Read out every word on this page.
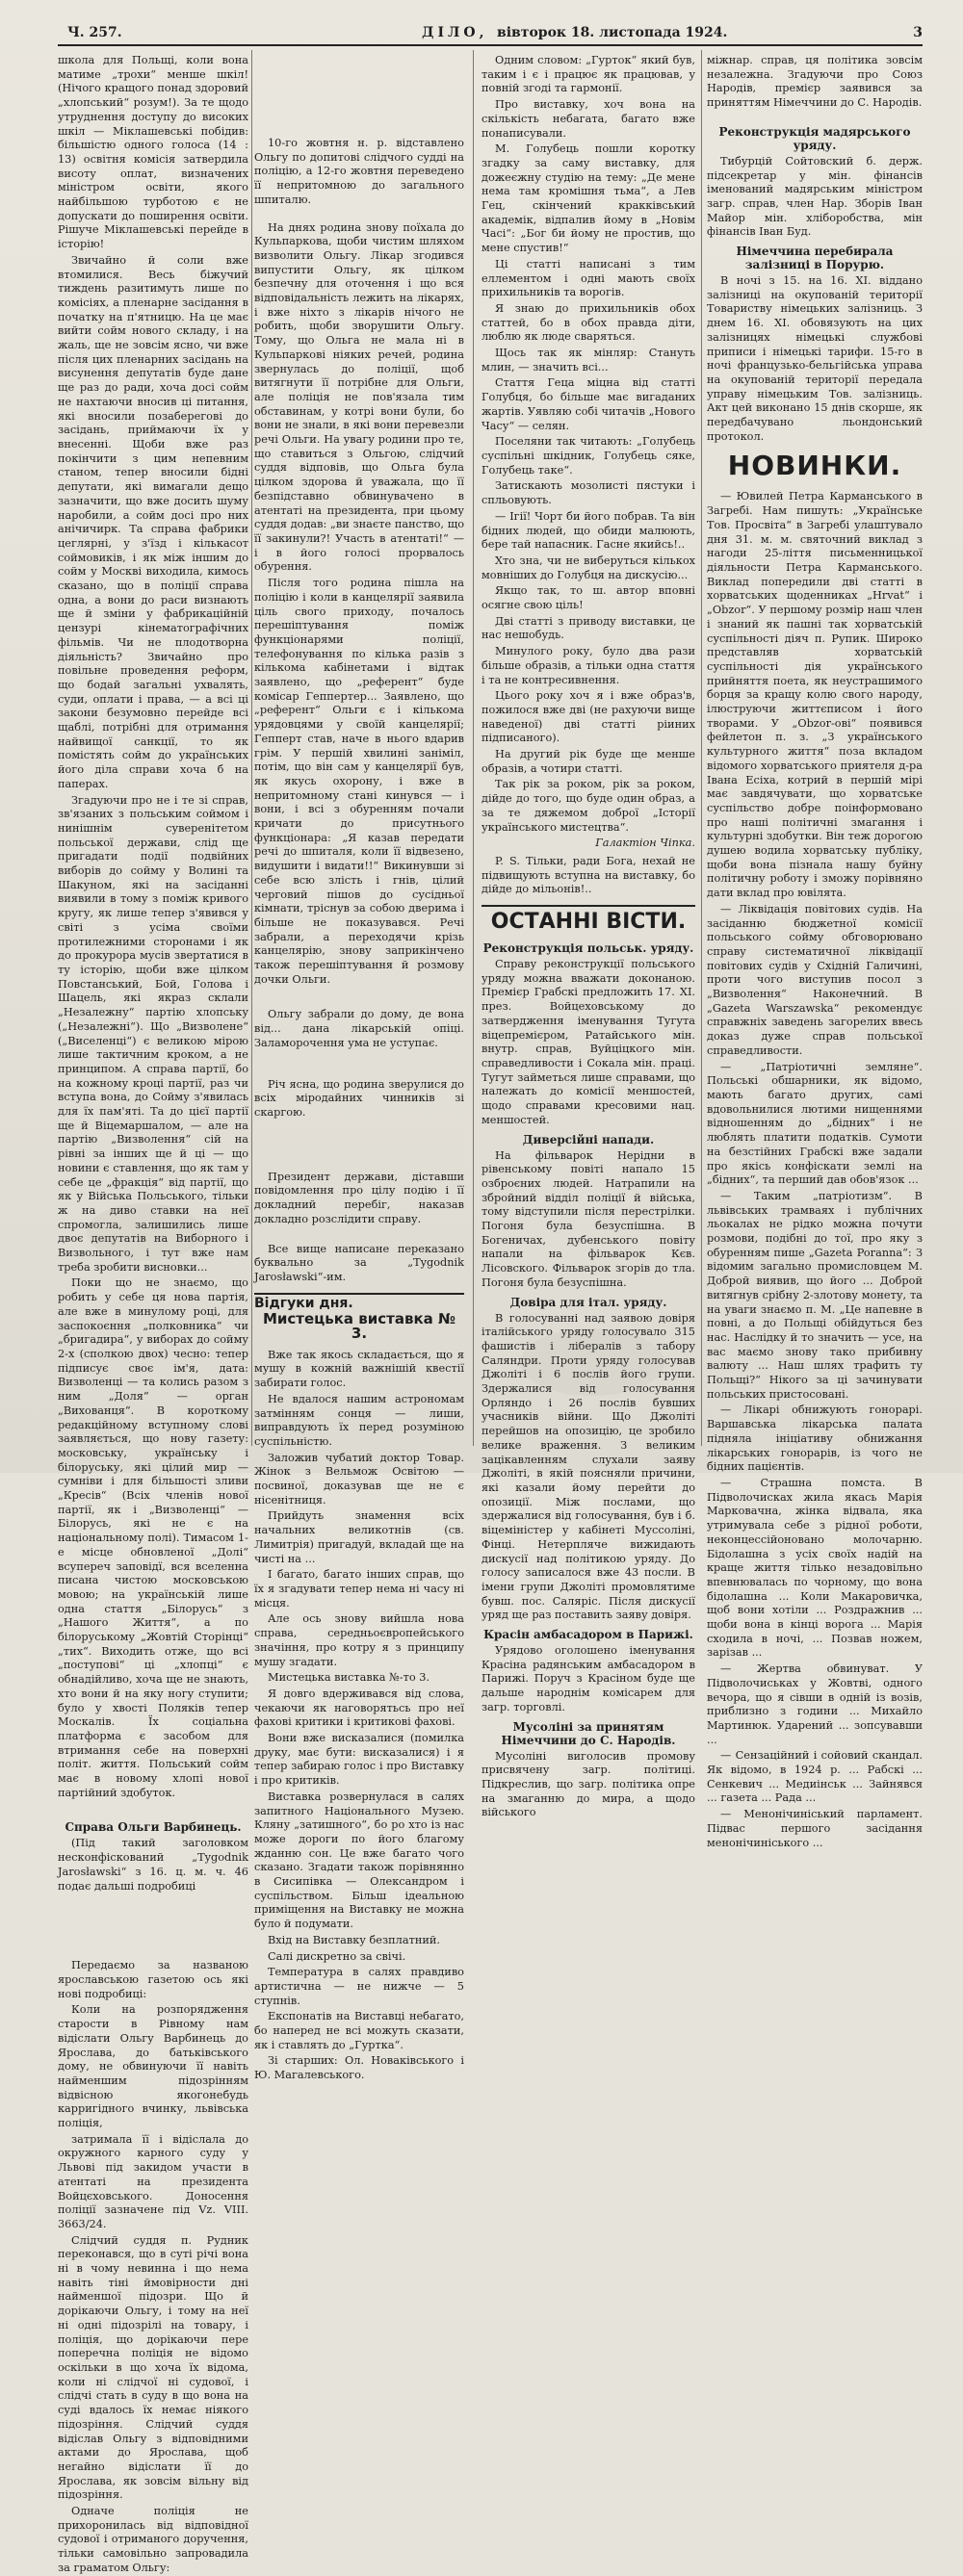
Ч. 257.	ДІЛО, вівторок 18. листопада 1924.	3

школа для Польщі, коли вона матиме „трохи“ менше шкіл! (Нічого кращого понад здоровий „хлопський“ розум!). За те щодо утруднення доступу до високих шкіл — Міклашевські побідив: більшістю одного голоса (14 : 13) освітня комісія затвердила висоту оплат, визначених міністром освіти, якого найбільшою турботою є не допускати до поширення освіти. Рішуче Міклашевські перейде в історію!

Звичайно й соли вже втомилися. Весь біжучий тиждень разитимуть лише по комісіях, а пленарне засідання в початку на п'ятницю. На це має вийти сойм нового складу, і на жаль, ще не зовсім ясно, чи вже після цих пленарних засідань на висунення депутатів буде дане ще раз до ради, хоча досі сойм не нахтаючи вносив ці питання, які вносили позаберегові до засідань, приймаючи їх у внесенні. Щоби вже раз покінчити з цим непевним станом, тепер вносили бідні депутати, які вимагали дещо зазначити, що вже досить шуму наробили, а сойм досі про них анічичирк. Та справа фабрики цеглярні, у з'їзд і кількасот соймовиків, і як між іншим до сойм у Москві виходила, кимось сказано, що в поліції справа одна, а вони до раси визнають ще й зміни у фабрикаційній цензурі кінематографічних фільмів. Чи не плодотворна діяльність? Звичайно про повільне проведення реформ, що бодай загальні ухвалять, суди, оплати і права, — а всі ці закони безумовно перейде всі щаблі, потрібні для отримання найвищої санкції, то як помістять сойм до українських його діла справи хоча б на паперах.

Згадуючи про не і те зі справ, зв'язаних з польським соймом і нинішнім суверенітетом польської держави, слід ще пригадати події подвійних виборів до сойму у Волині та Шакуном, які на засіданні виявили в тому з поміж кривого кругу, як лише тепер з'явився у світі з усіма своїми протилежними сторонами і як до прокурора мусів звертатися в ту історію, щоби вже цілком Повстанський, Бой, Голова і Шацель, які якраз склали „Незалежну“ партію хлопську („Незалежні“). Що „Визволене“ („Виселенці“) є великою мірою лише тактичним кроком, а не принципом. А справа партії, бо на кожному кроці партії, раз чи вступа вона, до Сойму з'явилась для їх пам'яті. Та до цієї партії ще й Віцемаршалом, — але на партію „Визволення“ сій на рівні за інших ще й ці — що новини є ставлення, що як там у себе це „фракція“ від партії, що як у Війська Польського, тільки ж на диво ставки на неї спромогла, залишились лише двоє депутатів на Виборного і Визвольного, і тут вже нам треба зробити висновки...

Поки що не знаємо, що робить у себе ця нова партія, але вже в минулому році, для заспокоєння „полковника“ чи „бригадира“, у виборах до сойму 2-х (сполкою двох) чесно: тепер підписує своє ім'я, дата: Визволенці — та колись разом з ним „Доля“ — орган „Вихованця“. В короткому редакційному вступному слові заявляється, що нову газету: московську, українську і білоруську, які цілий мир — сумніви і для більшості зливи „Кресів“ (Всіх членів нової партії, як і „Визволенці“ — Білорусь, які не є на національному полі). Тимасом 1-е місце обновленої „Долі“ всупереч заповідї, вся вселенна писана чистою московською мовою; на українській лише одна стаття „Білорусь“ з „Нашого Життя“, а по білоруському „Жовтій Сторінці“ „тих“. Виходить отже, що всі „поступові“ ці „хлопці“ є обнадійливо, хоча ще не знають, хто вони й на яку ногу ступити; було у хвості Поляків тепер Москалів. Їх соціальна платформа є засобом для втримання себе на поверхні політ. життя. Польський сойм має в новому хлопі нової партійний здобуток.

Справа Ольги Варбинець.

(Під такий заголовком несконфіскований „Tygodnik Jarosławski“ з 16. ц. м. ч. 46 подає дальші подробиці

Передаємо за названою ярославською газетою ось які нові подробиці:

Коли на розпорядження старости в Рівному нам відіслати Ольгу Варбинець до Ярослава, до батьківського дому, не обвинуючи її навіть найменшим підозрінням відвісною якогонебудь карригідного вчинку, львівська поліція,

затримала її і відіслала до окружного карного суду у Львові під закидом участи в атентаті на президента Войцєховського. Доносення поліції зазначене під Vz. VIII. 3663/24.

Слідчий суддя п. Рудник переконався, що в суті річі вона ні в чому невинна і що нема навіть тіні ймовірности дні найменшої підозри. Що й дорікаючи Ольгу, і тому на неї ні одні підозрілі на товару, і поліція, що дорікаючи пере поперечна поліція не відомо оскільки в що хоча їх відома, коли ні слідчої ні судової, і слідчі стать в суду в що вона на суді вдалось їх немає ніякого підозріння. Слідчий суддя відіслав Ольгу з відповідними актами до Ярослава, щоб негайно відіслати її до Ярослава, як зовсім вільну від підозріння.

Одначе поліція не прихоронилась від відповідної судової і отриманого доручення, тільки самовільно запровадила за граматом Ольгу:

10-го жовтня н. р. відставлено Ольгу по допитові слідчого судді на поліцію, а 12-го жовтня переведено її непритомною до загального шпиталю.

На днях родина знову поїхала до Кульпаркова, щоби чистим шляхом визволити Ольгу. Лікар згодився випустити Ольгу, як цілком безпечну для оточення і що вся відповідальність лежить на лікарях, і вже ніхто з лікарів нічого не робить, щоби зворушити Ольгу. Тому, що Ольга не мала ні в Кульпаркові ніяких речей, родина звернулась до поліції, щоб витягнути її потрібне для Ольги, але поліція не пов'язала тим обставинам, у котрі вони були, бо вони не знали, в які вони перевезли речі Ольги. На увагу родини про те, що ставиться з Ольгою, слідчий суддя відповів, що Ольга була цілком здорова й уважала, що її безпідставно обвинувачено в атентаті на президента, при цьому суддя додав: „ви знаєте панство, що її закинули?! Участь в атентаті!“ — і в його голосі прорвалось обурення.

Після того родина пішла на поліцію і коли в канцелярії заявила ціль свого приходу, почалось перешіптування поміж функціонарями поліції, телефонування по кілька разів з кількома кабінетами і відтак заявлено, що „референт“ буде комісар Геппертер... Заявлено, що „референт“ Ольги є і кількома урядовцями у своїй канцелярії; Гепперт став, наче в нього вдарив грім. У першій хвилині заніміл, потім, що він сам у канцелярії був, як якусь охорону, і вже в непритомному стані кинувся — і вони, і всі з обуренням почали кричати до присутнього функціонара: „Я казав передати речі до шпиталя, коли її відвезено, видушити і видати!!“ Викинувши зі себе всю злість і гнів, цілий черговий пішов до сусідньої кімнати, тріснув за собою дверима і більше не показувався. Речі забрали, а переходячи крізь канцелярію, знову заприкінчено також перешіптування й розмову дочки Ольги.

Ольгу забрали до дому, де вона від... дана лікарській опіці. Заламорочення ума не уступає.

Річ ясна, що родина зверулися до всіх міродайних чинників зі скаргою.

Президент держави, діставши повідомлення про цілу подію і її докладний перебіг, наказав докладно розслідити справу.

Все вище написане переказано буквально за „Tygodnik Jarosławski“-им.

Відгуки дня.
Мистецька виставка № 3.

Вже так якось складається, що я мушу в кожній важнішій квестії забирати голос.

Не вдалося нашим астрономам затмінням сонця — лиши, виправдують їх перед розуміною суспільністю.

Заложив чубатий доктор Товар. Жінок з Вельмож Освітою — посвиної, доказував ще не є нісенітниця.

Прийдуть знамення всіх начальних великотнів (св. Лимитрія) пригадуй, вкладай ще на чисті на ...

І багато, багато інших справ, що їх я згадувати тепер нема ні часу ні місця.

Але ось знову вийшла нова справа, середньоєвропейського значіння, про котру я з принципу мушу згадати.

Мистецька виставка №-то 3.

Я довго вдерживався від слова, чекаючи як наговорятьсь про неї фахові критики і критикові фахові.

Вони вже висказалися (помилка друку, має бути: висказалися) і я тепер забираю голос і про Виставку і про критиків.

Виставка розвернулася в салях запитного Національного Музею. Кляну „затишного“, бо ро хто із нас може дороги по його благому жданню сон. Це вже багато чого сказано. Згадати також порівнянно в Сисипівка — Олександром і суспільством. Більш ідеальною приміщення на Виставку не можна було й подумати.

Вхід на Виставку безплатний.

Салі дискретно за свічі.

Температура в салях правдиво артистична — не нижче — 5 ступнів.

Експонатів на Виставці небагато, бо наперед не всі можуть сказати, як і ставлять до „Гуртка“.

Зі старших: Ол. Новаківського і Ю. Магалевського.

Одним словом: „Гурток“ який був, таким і є і працює як працював, у повній згоді та гармонії.

Про виставку, хоч вона на скількість небагата, багато вже понаписували.

М. Голубець пошли коротку згадку за саму виставку, для дожеєжну студію на тему: „Де мене нема там кромішня тьма“, а Лев Гец, скінчений кракківський академік, відпалив йому в „Новім Часі“: „Бог би йому не простив, що мене спустив!“

Ці статті написані з тим еллементом і одні мають своїх прихильників та ворогів.

Я знаю до прихильників обох статтей, бо в обох правда діти, люблю як люде сваряться.

Щось так як мінляр: Стануть млин, — значить всі...

Стаття Геца міцна від статті Голубця, бо більше має вигаданих жартів. Уявляю собі читачів „Нового Часу“ — селян.

Поселяни так читають: „Голубець суспільні шкідник, Голубець сяке, Голубець таке“.

Затискають мозолисті пястуки і спльовують.

— Ігії! Чорт би його побрав. Та він бідних людей, що обиди малюють, бере тай напасник. Гасне якийсь!..

Хто зна, чи не виберуться кількох мовніших до Голубця на дискусію...

Якщо так, то ш. автор вповні осягне свою ціль!

Дві статті з приводу виставки, це нас нешобудь.

Минулого року, було два рази більше образів, а тільки одна стаття і та не контресивнення.

Цього року хоч я і вже образ'в, пожилося вже дві (не рахуючи вище наведеної) дві статті ріиних підписаного).

На другий рік буде ще менше образів, а чотири статті.

Так рік за роком, рік за роком, дійде до того, що буде один образ, а за те дяжемом доброї „Історії українського мистецтва“.

Галактіон Чіпка.

P. S. Тільки, ради Бога, нехай не підвищують вступна на виставку, бо дійде до мільонів!..

ОСТАННІ ВІСТИ.
Реконструкція польськ. уряду.

Справу реконструкції польського уряду можна вважати доконаною. Премієр Грабскі предложить 17. XI. през. Войцеховському до затвердження іменування Тугута віцепремієром, Ратайського мін. внутр. справ, Вуйціцкого мін. справедливости і Сокала мін. праці. Тугут займеться лише справами, що належать до комісії меншостей, щодо справами кресовими нац. меншостей.

Диверсійні напади.

На фільварок Нерідни в рівенському повіті напало 15 озброєних людей. Натрапили на збройний відділ поліції й війська, тому відступили після перестрілки. Погоня була безуспішна. В Богеничах, дубенського повіту напали на фільварок Кєв. Лісовского. Фільварок згорів до тла. Погоня була безуспішна.

Довіра для італ. уряду.

В голосуванні над заявою довіря італійського уряду голосувало 315 фашистів і лібералів з табору Саляндри. Проти уряду голосував Джоліті і 6 послів його групи. Здержалися від голосування Орляндо і 26 послів бувших учасників війни. Що Джоліті перейшов на опозицію, це зробило велике враження. З великим зацікавленням слухали заяву Джоліті, в якій поясняли причини, які казали йому перейти до опозиції. Між послами, що здержалися від голосування, був і б. віцеміністер у кабінеті Муссоліні, Фінці. Нетерпляче вижидають дискусії над політикою уряду. До голосу записалося вже 43 посли. В імени групи Джоліті промовлятиме бувш. пос. Саляріс. Після дискусії уряд ще раз поставить заяву довіря.

Красін амбасадором в Парижі.

Урядово оголошено іменування Красіна радянським амбасадором в Парижі. Поруч з Красіном буде ще дальше народнім комісарем для загр. торговлі.

Мусоліні за принятям Німеччини до С. Народів.

Мусоліні виголосив промову присвячену загр. політиці. Підкреслив, що загр. політика опре на змаганню до мира, а щодо війського

міжнар. справ, ця політика зовсім незалежна. Згадуючи про Союз Народів, премієр заявився за приняттям Німеччини до С. Народів.

Реконструкція мадярського уряду.

Тибурцій Сойтовский б. держ. підсекретар у мін. фінансів іменований мадярським міністром загр. справ, член Нар. Зборів Іван Майор мін. хліборобства, мін фінансів Іван Буд.

Німеччина перебирала залізниці в Порурю.

В ночі з 15. на 16. XI. віддано залізниці на окупованій території Товариству німецьких залізниць. З днем 16. XI. обовязують на цих залізницях німецькі службові приписи і німецькі тарифи. 15-го в ночі французько-бельгійська управа на окупованій території передала управу німецьким Тов. залізниць. Акт цей виконано 15 днів скорше, як передбачувано льондонський протокол.

НОВИНКИ.

— Ювилей Петра Карманського в Загребі. Нам пишуть: „Українське Тов. Просвіта“ в Загребі улаштувало дня 31. м. м. святочний виклад з нагоди 25-ліття письменницької діяльности Петра Карманського. Виклад попередили дві статті в хорватських щоденниках „Hrvat“ і „Obzor“. У першому розмір наш член і знаний як пашні так хорватській суспільності діяч п. Рупик. Широко представляв хорватській суспільності дія українського прийняття поета, як неустрашимого борця за кращу колю свого народу, ілюструючи життєписом і його творами. У „Obzor-ові“ появився фейлетон п. з. „З українського культурного життя“ поза вкладом відомого хорватського приятеля д-ра Івана Есіха, котрий в першій мірі має завдячувати, що хорватське суспільство добре поінформовано про наші політичні змагання і культурні здобутки. Він теж дорогою душею водила хорватську публіку, щоби вона пізнала нашу буйну політичну роботу і зможу порівняно дати вклад про ювілята.

— Ліквідація повітових судів. На засіданню бюджетної комісії польського сойму обговорювано справу систематичної ліквідації повітових судів у Східній Галичині, проти чого виступив посол з „Визволення“ Наконечний. В „Gazeta Warszawska“ рекомендує справжніх заведень загорелих ввесь доказ дуже справ польської справедливости.

— „Патріотичні земляне“. Польські обшарники, як відомо, мають багато других, самі вдовольнилися лютими нищеннями відношенням до „бідних“ і не люблять платити податків. Сумоти на безстійних Грабскі вже задали про якісь конфіскати землі на „бідних“, та перший дав обов'язок ...

— Таким „патріотизм“. В львівських трамваях і публічних льокалах не рідко можна почути розмови, подібні до тої, про яку з обуренням пише „Gazeta Poranna“: З відомим загально промисловцем М. Доброй виявив, що його ... Доброй витягнув срібну 2-злотову монету, та на уваги знаємо п. М. „Це напевне в повні, а до Польщі обійдуться без нас. Наслідку й то значить — усе, на вас маємо знову тако прибивну валюту ... Наш шлях трафить ту Польщі?“ Нікого за ці зачинувати польських пристосовані.

— Лікарі обнижують гонорарі. Варшавська лікарська палата підняла ініціативу обнижання лікарських гонорарів, із чого не бідних пацієнтів.

— Страшна помста. В Підволочисках жила якась Марія Марковачна, жінка відвала, яка утримувала себе з рідної роботи, неконцессійоновано молочарню. Бідолашна з усіх своїх надій на краще життя тілько незадовільно впевнювалась по чорному, що вона бідолашна ... Коли Макаровичка, щоб вони хотіли ... Роздражнив ... щоби вона в кінці ворога ... Марія сходила в ночі, ... Позвав ножем, зарізав ...

— Жертва обвинуват. У Підволочиськах у Жовтві, одного вечора, що я сівши в одній із возів, приблизно з години ... Михайло Мартинюк. Ударений ... зопсувавши ...

— Сензаційний і сойовий скандал. Як відомо, в 1924 р. ... Рабскі ... Сенкевич ... Медиінськ ... Зайнявся ... газета ... Рада ...

— Менонічиніський парламент. Підвас першого засідання менонічиніського ...
